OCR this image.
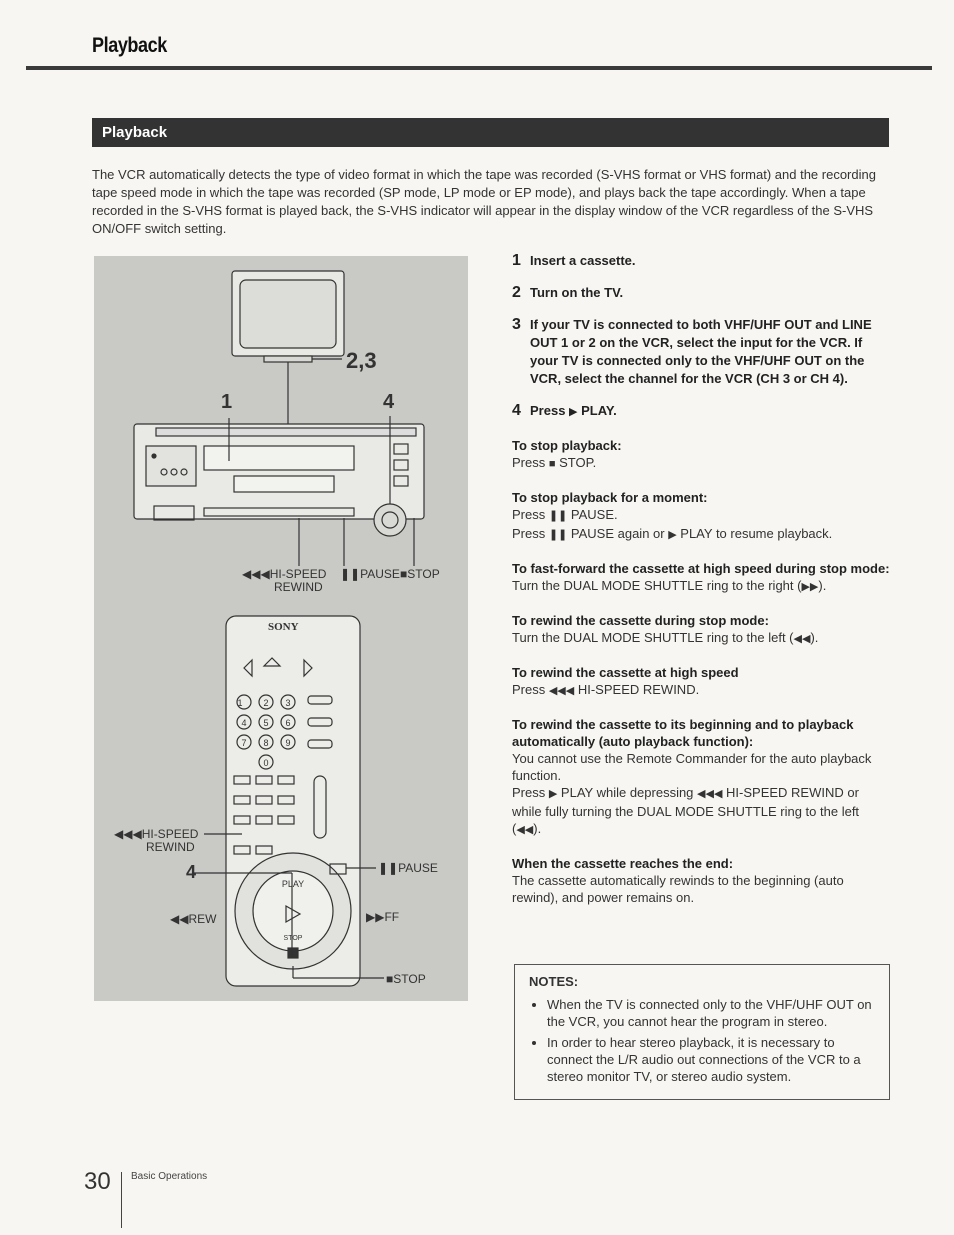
Playback
Playback

The VCR automatically detects the type of video format in which the tape was recorded (S-VHS format or VHS format) and the recording tape speed mode in which the tape was recorded (SP mode, LP mode or EP mode), and plays back the tape accordingly. When a tape recorded in the S-VHS format is played back, the S-VHS indicator will appear in the display window of the VCR regardless of the S-VHS ON/OFF switch setting.

2,3
1	4
4
◀◀◀HI-SPEED
REWIND
❚❚PAUSE ■STOP
SONY
1 2 3
4 5 6
7 8 9
0
◀◀◀HI-SPEED
REWIND
❚❚PAUSE
◀◀REW	▶▶FF
■STOP
PLAY
STOP
1 Insert a cassette.
2 Turn on the TV.
3 If your TV is connected to both VHF/UHF OUT and LINE OUT 1 or 2 on the VCR, select the input for the VCR. If your TV is connected only to the VHF/UHF OUT on the VCR, select the channel for the VCR (CH 3 or CH 4).
4 Press ▶ PLAY.
To stop playback:
Press ■ STOP.
To stop playback for a moment:
Press ❚❚ PAUSE.
Press ❚❚ PAUSE again or ▶ PLAY to resume playback.
To fast-forward the cassette at high speed during stop mode:
Turn the DUAL MODE SHUTTLE ring to the right (▶▶).
To rewind the cassette during stop mode:
Turn the DUAL MODE SHUTTLE ring to the left (◀◀).
To rewind the cassette at high speed
Press ◀◀◀ HI-SPEED REWIND.
To rewind the cassette to its beginning and to playback automatically (auto playback function):
You cannot use the Remote Commander for the auto playback function.
Press ▶ PLAY while depressing ◀◀◀ HI-SPEED REWIND or while fully turning the DUAL MODE SHUTTLE ring to the left (◀◀).
When the cassette reaches the end:
The cassette automatically rewinds to the beginning (auto rewind), and power remains on.
NOTES:
• When the TV is connected only to the VHF/UHF OUT on the VCR, you cannot hear the program in stereo.
• In order to hear stereo playback, it is necessary to connect the L/R audio out connections of the VCR to a stereo monitor TV, or stereo audio system.
30 Basic Operations
